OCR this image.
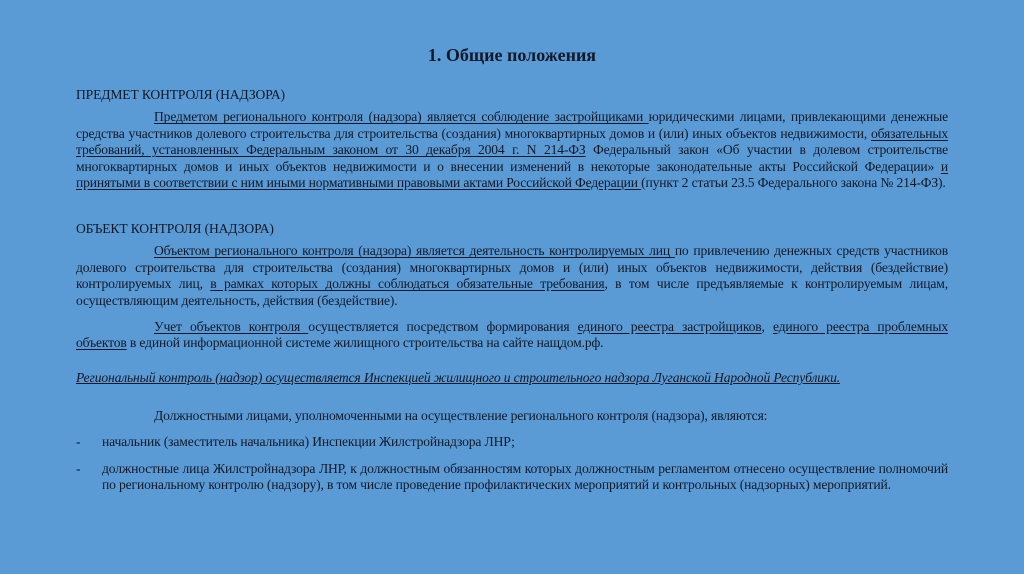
1. Общие положения
ПРЕДМЕТ КОНТРОЛЯ (НАДЗОРА)
Предметом регионального контроля (надзора) является соблюдение застройщиками юридическими лицами, привлекающими денежные средства участников долевого строительства для строительства (создания) многоквартирных домов и (или) иных объектов недвижимости, обязательных требований, установленных Федеральным законом от 30 декабря 2004 г. N 214-ФЗ Федеральный закон «Об участии в долевом строительстве многоквартирных домов и иных объектов недвижимости и о внесении изменений в некоторые законодательные акты Российской Федерации» и принятыми в соответствии с ним иными нормативными правовыми актами Российской Федерации (пункт 2 статьи 23.5 Федерального закона № 214-ФЗ).
ОБЪЕКТ КОНТРОЛЯ (НАДЗОРА)
Объектом регионального контроля (надзора) является деятельность контролируемых лиц по привлечению денежных средств участников долевого строительства для строительства (создания) многоквартирных домов и (или) иных объектов недвижимости, действия (бездействие) контролируемых лиц, в рамках которых должны соблюдаться обязательные требования, в том числе предъявляемые к контролируемым лицам, осуществляющим деятельность, действия (бездействие).
Учет объектов контроля осуществляется посредством формирования единого реестра застройщиков, единого реестра проблемных объектов в единой информационной системе жилищного строительства на сайте нащдом.рф.
Региональный контроль (надзор) осуществляется Инспекцией жилищного и строительного надзора Луганской Народной Республики.
Должностными лицами, уполномоченными на осуществление регионального контроля (надзора), являются:
-	начальник (заместитель начальника) Инспекции Жилстройнадзора ЛНР;
-	должностные лица Жилстройнадзора ЛНР, к должностным обязанностям которых должностным регламентом отнесено осуществление полномочий по региональному контролю (надзору), в том числе проведение профилактических мероприятий и контрольных (надзорных) мероприятий.
